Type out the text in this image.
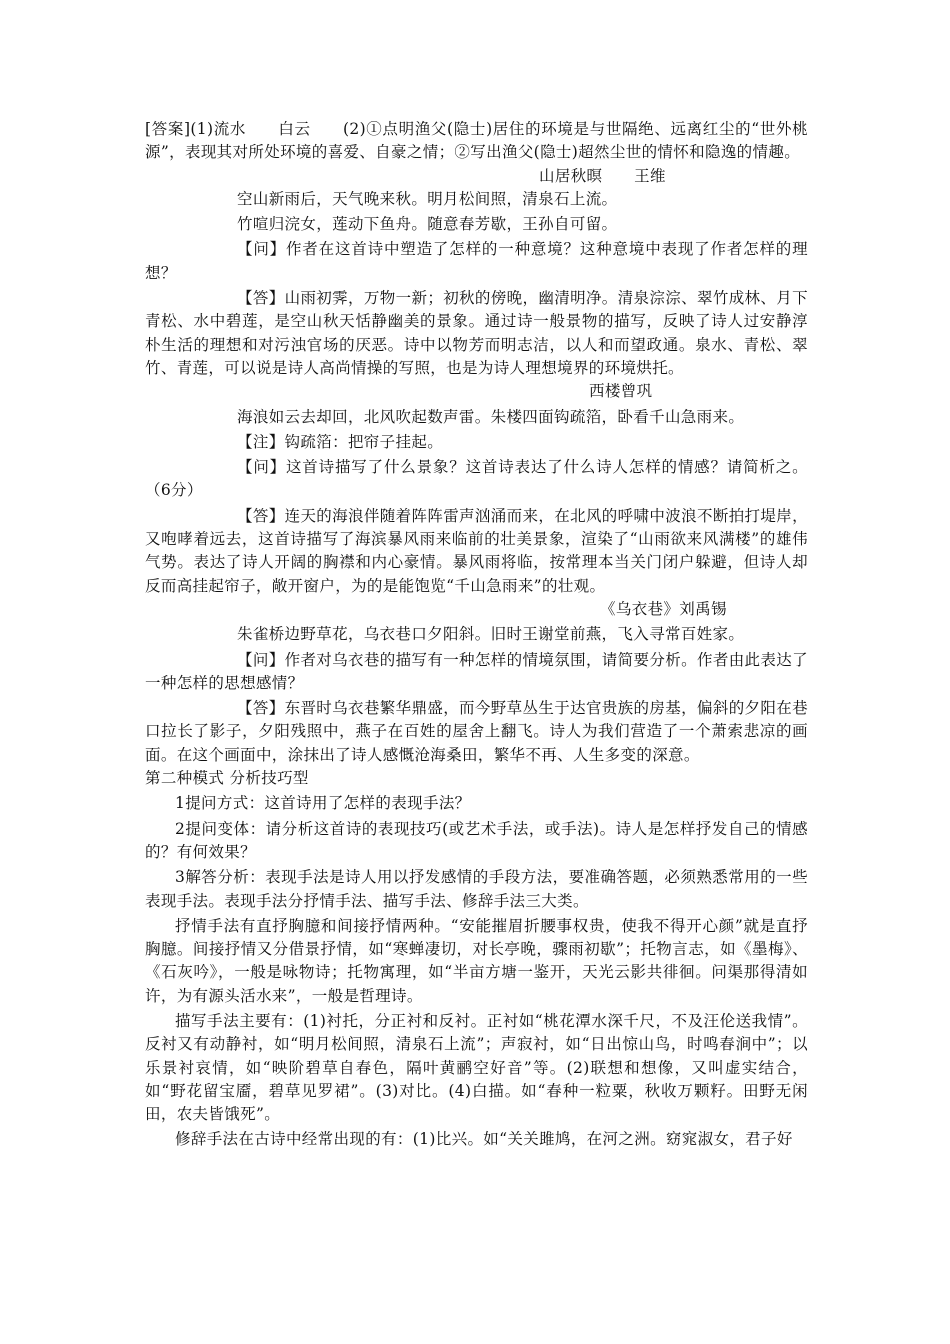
[答案](1)流水　　白云　　(2)①点明渔父(隐士)居住的环境是与世隔绝、远离红尘的“世外桃源”，表现其对所处环境的喜爱、自豪之情；②写出渔父(隐士)超然尘世的情怀和隐逸的情趣。

山居秋暝　　王维

空山新雨后，天气晚来秋。明月松间照，清泉石上流。

竹喧归浣女，莲动下鱼舟。随意春芳歇，王孙自可留。

【问】作者在这首诗中塑造了怎样的一种意境？这种意境中表现了作者怎样的理想？

【答】山雨初霁，万物一新；初秋的傍晚，幽清明净。清泉淙淙、翠竹成林、月下青松、水中碧莲，是空山秋天恬静幽美的景象。通过诗一般景物的描写，反映了诗人过安静淳朴生活的理想和对污浊官场的厌恶。诗中以物芳而明志洁，以人和而望政通。泉水、青松、翠竹、青莲，可以说是诗人高尚情操的写照，也是为诗人理想境界的环境烘托。

西楼曾巩

海浪如云去却回，北风吹起数声雷。朱楼四面钩疏箔，卧看千山急雨来。

【注】钩疏箔：把帘子挂起。

【问】这首诗描写了什么景象？这首诗表达了什么诗人怎样的情感？请简析之。（6分）

【答】连天的海浪伴随着阵阵雷声汹涌而来，在北风的呼啸中波浪不断拍打堤岸，又咆哮着远去，这首诗描写了海滨暴风雨来临前的壮美景象，渲染了“山雨欲来风满楼”的雄伟气势。表达了诗人开阔的胸襟和内心豪情。暴风雨将临，按常理本当关门闭户躲避，但诗人却反而高挂起帘子，敞开窗户，为的是能饱览“千山急雨来”的壮观。

《乌衣巷》刘禹锡

朱雀桥边野草花，乌衣巷口夕阳斜。旧时王谢堂前燕，飞入寻常百姓家。

【问】作者对乌衣巷的描写有一种怎样的情境氛围，请简要分析。作者由此表达了一种怎样的思想感情？

【答】东晋时乌衣巷繁华鼎盛，而今野草丛生于达官贵族的房基，偏斜的夕阳在巷口拉长了影子，夕阳残照中，燕子在百姓的屋舍上翻飞。诗人为我们营造了一个萧索悲凉的画面。在这个画面中，涂抹出了诗人感慨沧海桑田，繁华不再、人生多变的深意。

第二种模式 分析技巧型

1提问方式：这首诗用了怎样的表现手法？

2提问变体：请分析这首诗的表现技巧(或艺术手法，或手法)。诗人是怎样抒发自己的情感的？有何效果？

3解答分析：表现手法是诗人用以抒发感情的手段方法，要准确答题，必须熟悉常用的一些表现手法。表现手法分抒情手法、描写手法、修辞手法三大类。

抒情手法有直抒胸臆和间接抒情两种。“安能摧眉折腰事权贵，使我不得开心颜”就是直抒胸臆。间接抒情又分借景抒情，如“寒蝉凄切，对长亭晚，骤雨初歇”；托物言志，如《墨梅》、《石灰吟》，一般是咏物诗；托物寓理，如“半亩方塘一鉴开，天光云影共徘徊。问渠那得清如许，为有源头活水来”，一般是哲理诗。

描写手法主要有：(1)衬托，分正衬和反衬。正衬如“桃花潭水深千尺，不及汪伦送我情”。反衬又有动静衬，如“明月松间照，清泉石上流”；声寂衬，如“日出惊山鸟，时鸣春涧中”；以乐景衬哀情，如“映阶碧草自春色，隔叶黄鹂空好音”等。(2)联想和想像，又叫虚实结合，如“野花留宝靥，碧草见罗裙”。(3)对比。(4)白描。如“春种一粒粟，秋收万颗籽。田野无闲田，农夫皆饿死”。

修辞手法在古诗中经常出现的有：(1)比兴。如“关关雎鸠，在河之洲。窈窕淑女，君子好
